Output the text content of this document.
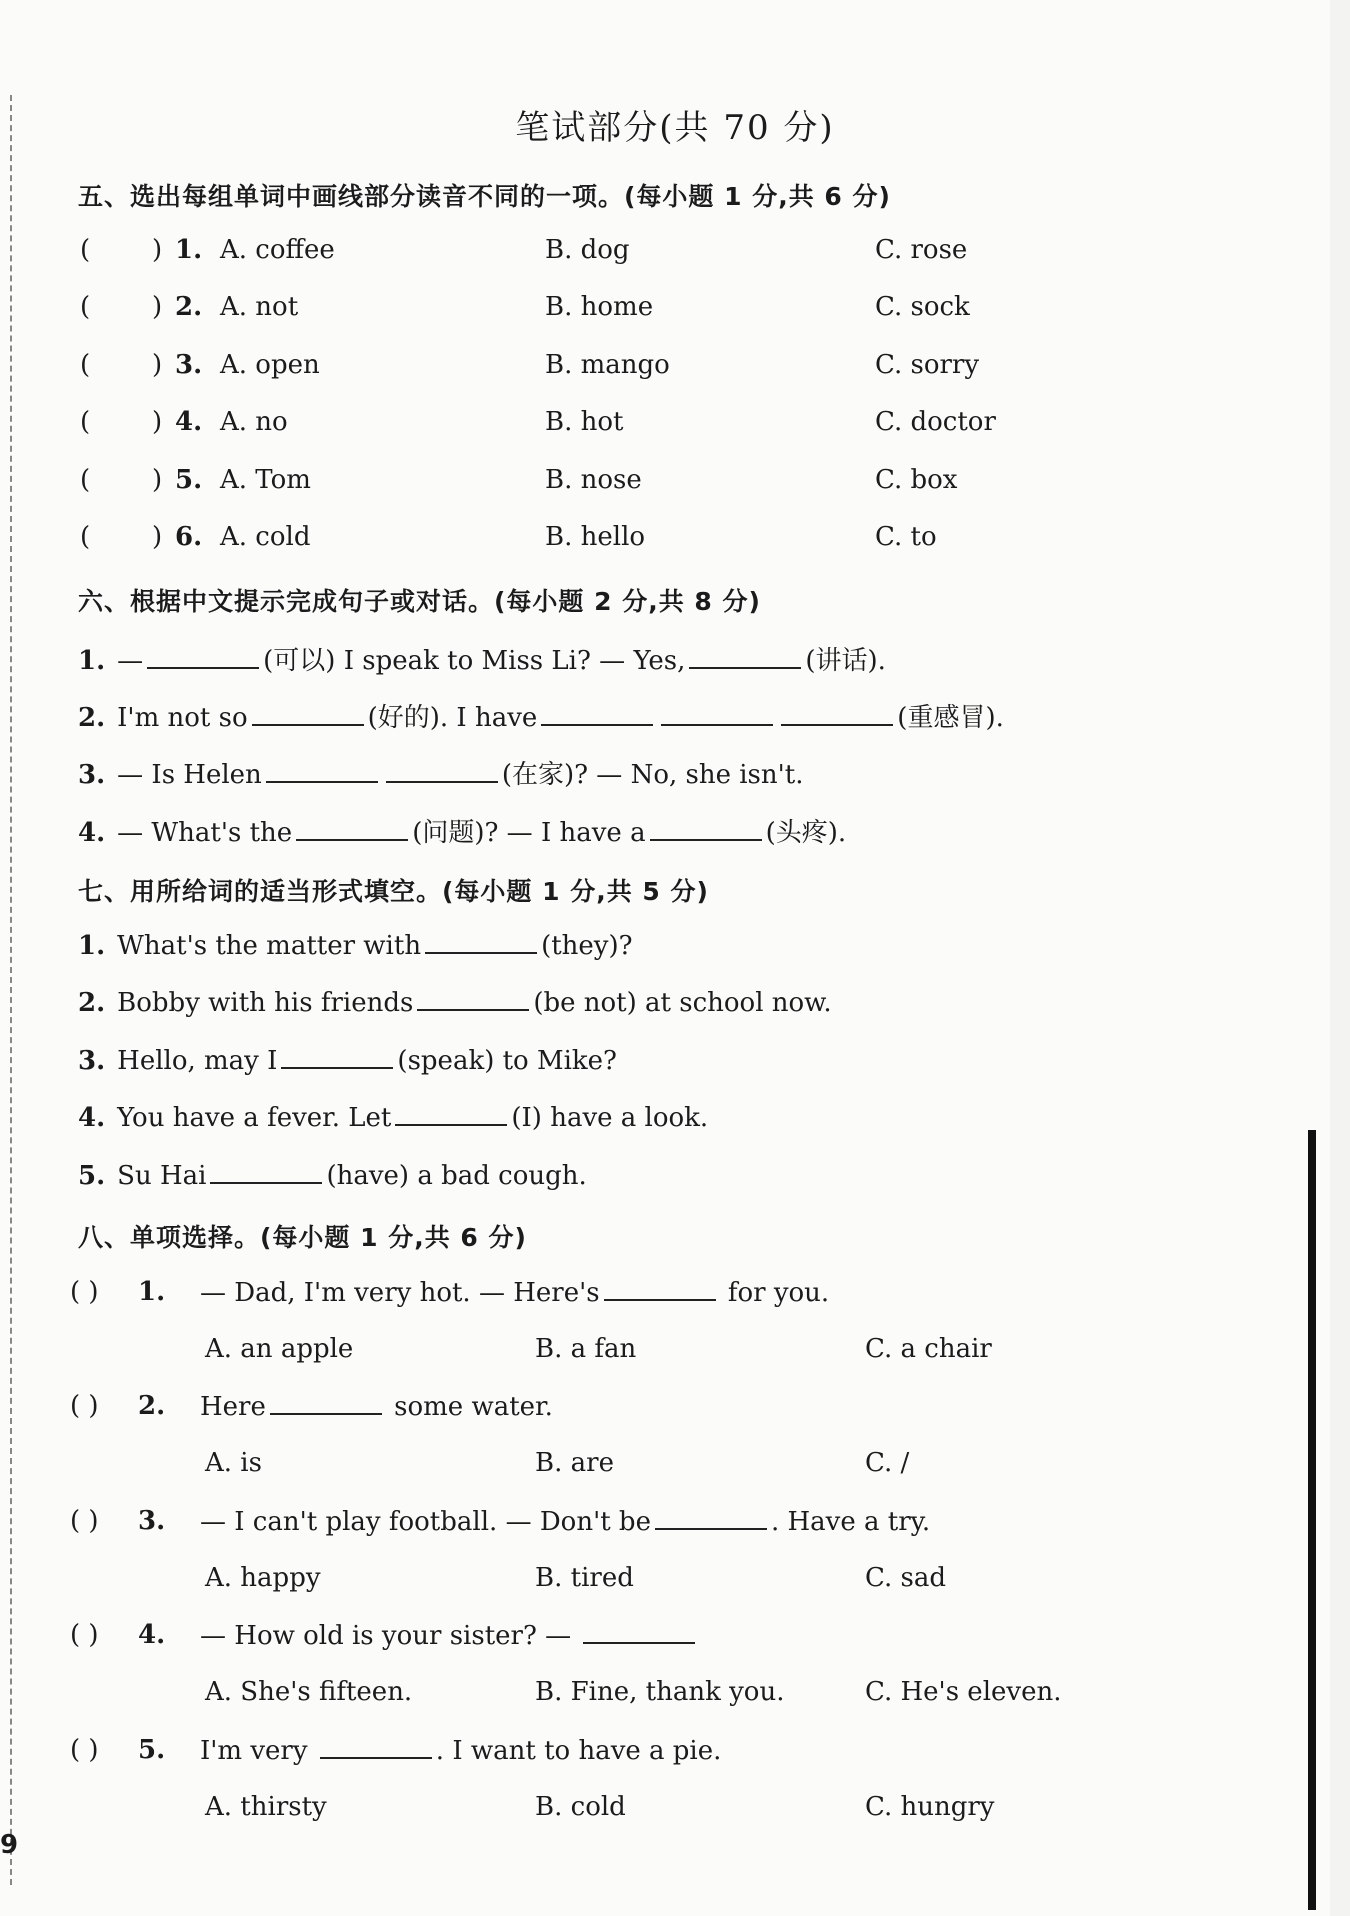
笔试部分(共 70 分)
五、选出每组单词中画线部分读音不同的一项。(每小题 1 分,共 6 分)
( ) 1. A. coffee	B. dog	C. rose
( ) 2. A. not	B. home	C. sock
( ) 3. A. open	B. mango	C. sorry
( ) 4. A. no	B. hot	C. doctor
( ) 5. A. Tom	B. nose	C. box
( ) 6. A. cold	B. hello	C. to
六、根据中文提示完成句子或对话。(每小题 2 分,共 8 分)
1. —	(可以) I speak to Miss Li? — Yes,	(讲话).
2. I'm not so	(好的). I have	(重感冒).
3. — Is Helen	(在家)? — No, she isn't.
4. — What's the	(问题)? — I have a	(头疼).
七、用所给词的适当形式填空。(每小题 1 分,共 5 分)
1. What's the matter with	(they)?
2. Bobby with his friends	(be not) at school now.
3. Hello, may I	(speak) to Mike?
4. You have a fever. Let	(I) have a look.
5. Su Hai	(have) a bad cough.
八、单项选择。(每小题 1 分,共 6 分)
( ) 1. — Dad, I'm very hot. — Here's	for you.
A. an apple	B. a fan	C. a chair
( ) 2. Here	some water.
A. is	B. are	C. /
( ) 3. — I can't play football. — Don't be	. Have a try.
A. happy	B. tired	C. sad
( ) 4. — How old is your sister? —
A. She's fifteen.	B. Fine, thank you.	C. He's eleven.
( ) 5. I'm very	. I want to have a pie.
A. thirsty	B. cold	C. hungry
9
